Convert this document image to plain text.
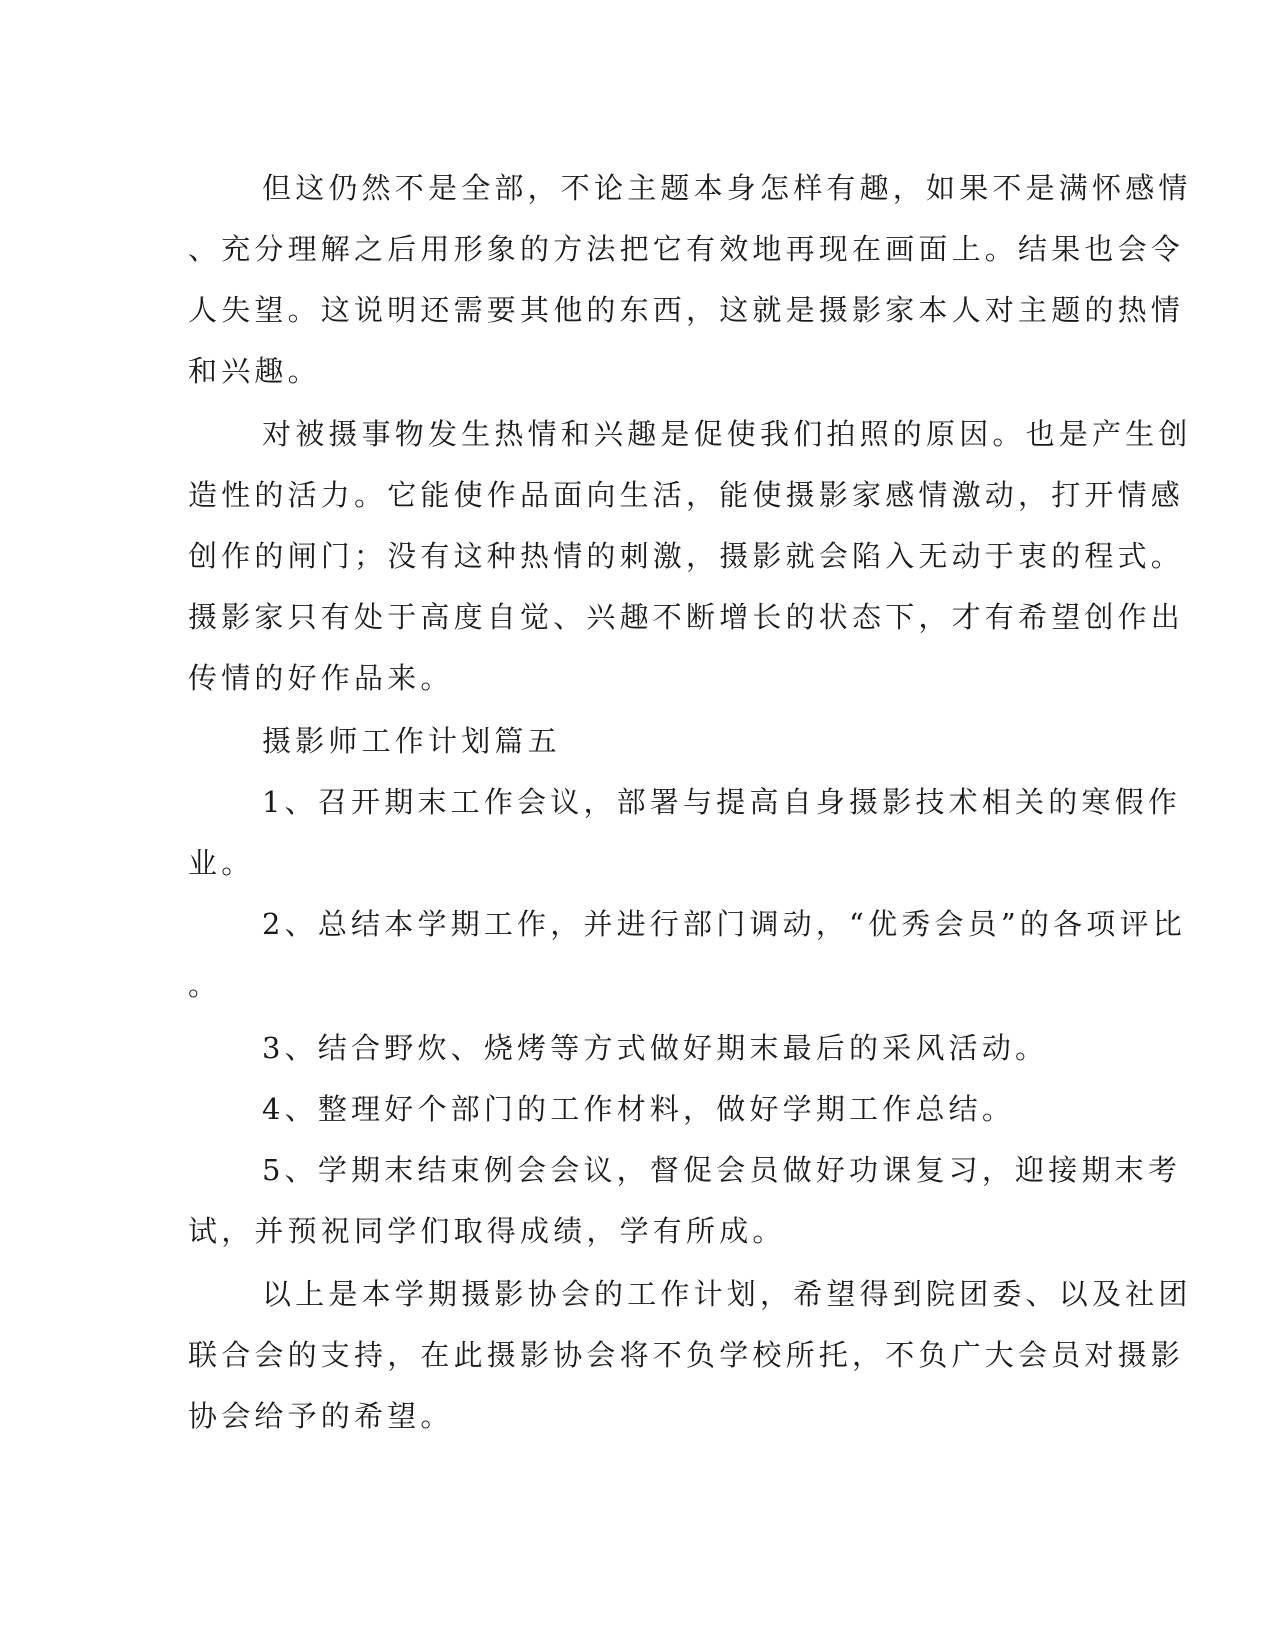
但这仍然不是全部，不论主题本身怎样有趣，如果不是满怀感情
、充分理解之后用形象的方法把它有效地再现在画面上。结果也会令
人失望。这说明还需要其他的东西，这就是摄影家本人对主题的热情
和兴趣。
对被摄事物发生热情和兴趣是促使我们拍照的原因。也是产生创
造性的活力。它能使作品面向生活，能使摄影家感情激动，打开情感
创作的闸门；没有这种热情的刺激，摄影就会陷入无动于衷的程式。
摄影家只有处于高度自觉、兴趣不断增长的状态下，才有希望创作出
传情的好作品来。
摄影师工作计划篇五
1、召开期末工作会议，部署与提高自身摄影技术相关的寒假作
业。
2、总结本学期工作，并进行部门调动，“优秀会员”的各项评比
。
3、结合野炊、烧烤等方式做好期末最后的采风活动。
4、整理好个部门的工作材料，做好学期工作总结。
5、学期末结束例会会议，督促会员做好功课复习，迎接期末考
试，并预祝同学们取得成绩，学有所成。
以上是本学期摄影协会的工作计划，希望得到院团委、以及社团
联合会的支持，在此摄影协会将不负学校所托，不负广大会员对摄影
协会给予的希望。
